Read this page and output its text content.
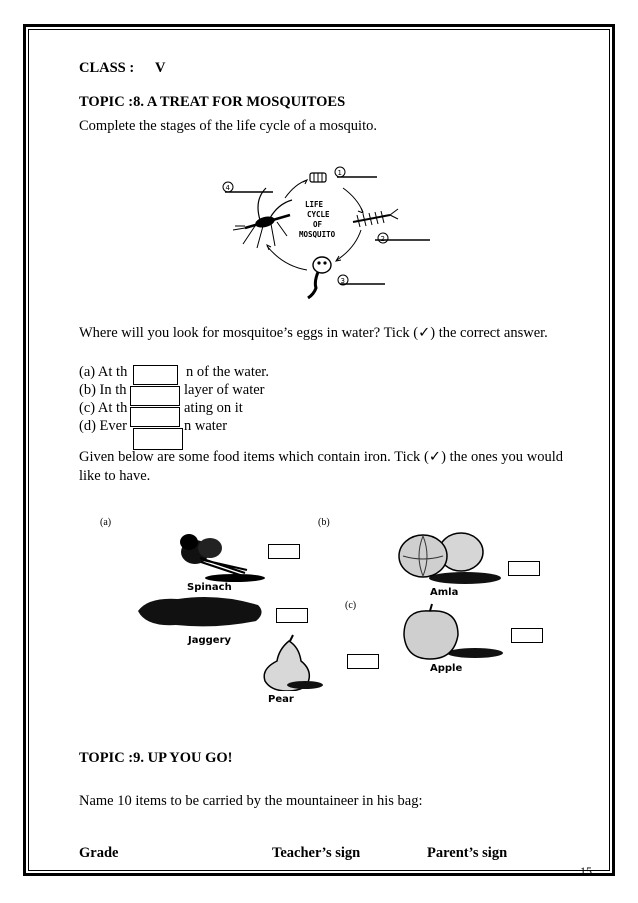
CLASS : V
TOPIC :8. A TREAT FOR MOSQUITOES
Complete the stages of the life cycle of a mosquito.
4
1
2
3
LIFE
CYCLE
OF
MOSQUITO
Where will you look for mosquitoe’s eggs in water? Tick (✓) the correct answer.
(a) At th	n of the water.
(b) In th	layer of water
(c) At th	ating on it
(d) Ever	n water
Given below are some food items which contain iron. Tick (✓) the ones you would like to have.
(a)	(b)
(c)
Spinach	Amla
Jaggery
Apple
Pear
TOPIC :9. UP YOU GO!
Name 10 items to be carried by the mountaineer in his bag:
Grade	Teacher’s sign	Parent’s sign
15
